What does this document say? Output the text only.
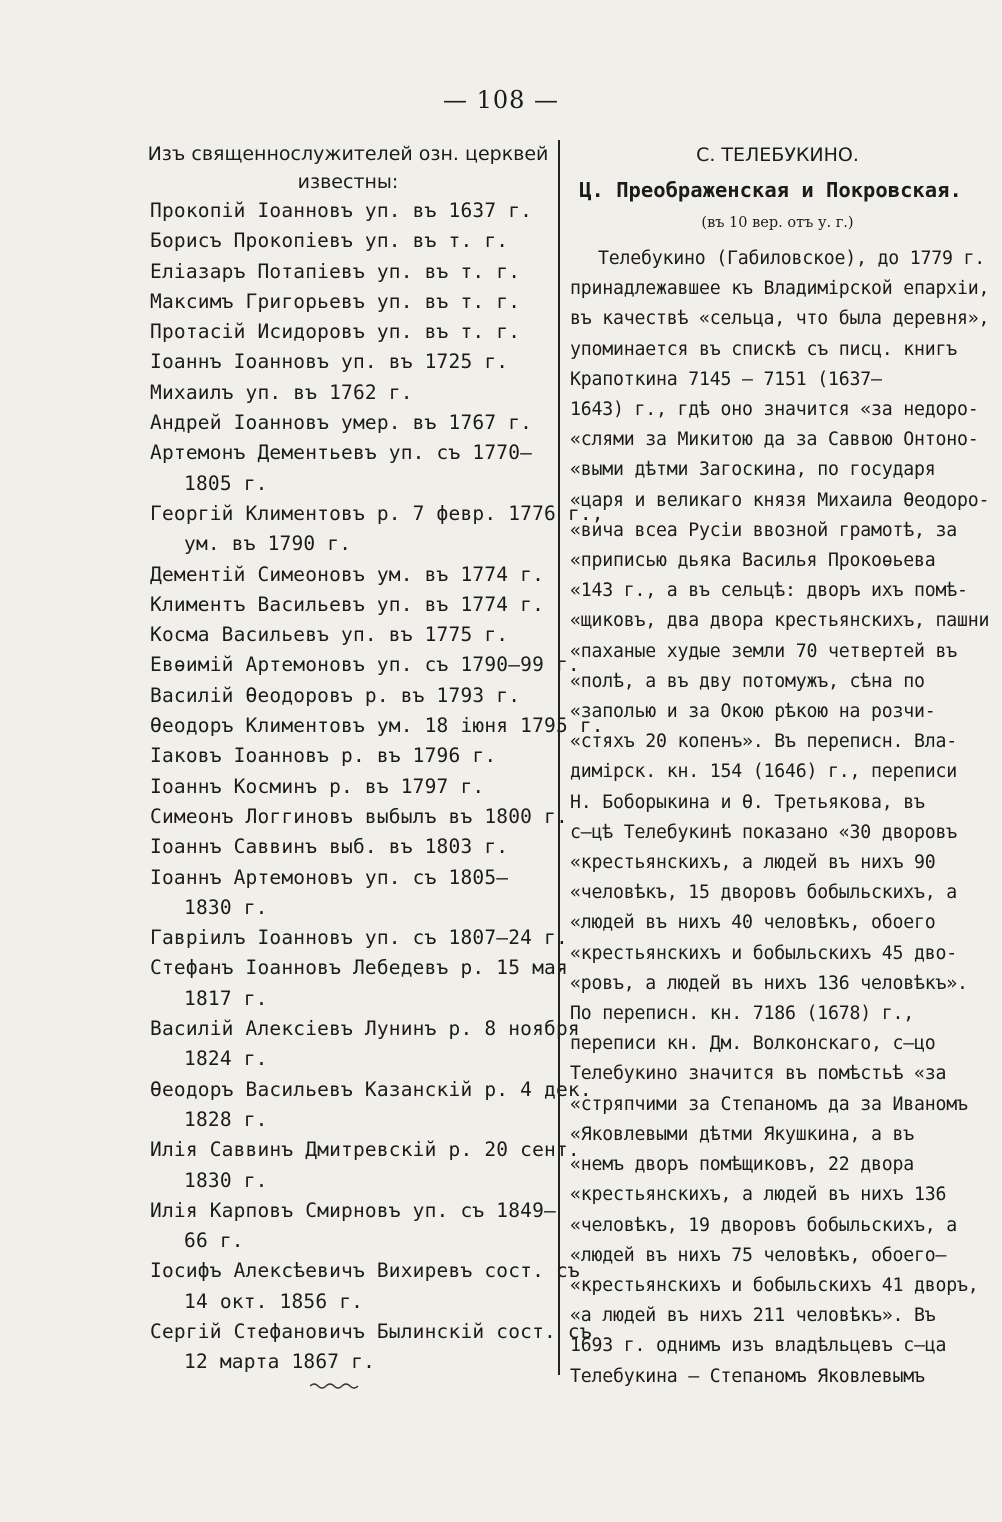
— 108 —
Изъ священнослужителей озн. церквей
известны:
Прокопій Іоанновъ уп. въ 1637 г.
Борисъ Прокопіевъ уп. въ т. г.
Еліазаръ Потапіевъ уп. въ т. г.
Максимъ Григорьевъ уп. въ т. г.
Протасій Исидоровъ уп. въ т. г.
Іоаннъ Іоанновъ уп. въ 1725 г.
Михаилъ уп. въ 1762 г.
Андрей Іоанновъ умер. въ 1767 г.
Артемонъ Дементьевъ уп. съ 1770—
1805 г.
Георгій Климентовъ р. 7 февр. 1776 г.,
ум. въ 1790 г.
Дементій Симеоновъ ум. въ 1774 г.
Климентъ Васильевъ уп. въ 1774 г.
Косма Васильевъ уп. въ 1775 г.
Евѳимій Артемоновъ уп. съ 1790—99 г.
Василій Ѳеодоровъ р. въ 1793 г.
Ѳеодоръ Климентовъ ум. 18 іюня 1795 г.
Іаковъ Іоанновъ р. въ 1796 г.
Іоаннъ Косминъ р. въ 1797 г.
Симеонъ Логгиновъ выбылъ въ 1800 г.
Іоаннъ Саввинъ выб. въ 1803 г.
Іоаннъ Артемоновъ уп. съ 1805—
1830 г.
Гавріилъ Іоанновъ уп. съ 1807—24 г.
Стефанъ Іоанновъ Лебедевъ р. 15 мая
1817 г.
Василій Алексіевъ Лунинъ р. 8 ноября
1824 г.
Ѳеодоръ Васильевъ Казанскій р. 4 дек.
1828 г.
Илія Саввинъ Дмитревскій р. 20 сент.
1830 г.
Илія Карповъ Смирновъ уп. съ 1849—
66 г.
Іосифъ Алексѣевичъ Вихиревъ сост. съ
14 окт. 1856 г.
Сергій Стефановичъ Былинскій сост. съ
12 марта 1867 г.
С. ТЕЛЕБУКИНО.
Ц. Преображенская и Покровская.
(въ 10 вер. отъ у. г.)
Телебукино (Габиловское), до 1779 г.
принадлежавшее къ Владимірской епархіи,
въ качествѣ «сельца, что была деревня»,
упоминается въ спискѣ съ писц. книгъ
Крапоткина 7145 — 7151 (1637—
1643) г., гдѣ оно значится «за недоро-
«слями за Микитою да за Саввою Онтоно-
«выми дѣтми Загоскина, по государя
«царя и великаго князя Михаила Ѳеодоро-
«вича всеа Русіи ввозной грамотѣ, за
«приписью дьяка Василья Прокоѳьева
«143 г., а въ сельцѣ: дворъ ихъ помѣ-
«щиковъ, два двора крестьянскихъ, пашни
«паханые худые земли 70 четвертей въ
«полѣ, а въ дву потомужъ, сѣна по
«заполью и за Окою рѣкою на розчи-
«стяхъ 20 копенъ». Въ переписн. Вла-
димірск. кн. 154 (1646) г., переписи
Н. Боборыкина и Ѳ. Третьякова, въ
с—цѣ Телебукинѣ показано «30 дворовъ
«крестьянскихъ, а людей въ нихъ 90
«человѣкъ, 15 дворовъ бобыльскихъ, а
«людей въ нихъ 40 человѣкъ, обоего
«крестьянскихъ и бобыльскихъ 45 дво-
«ровъ, а людей въ нихъ 136 человѣкъ».
По переписн. кн. 7186 (1678) г.,
переписи кн. Дм. Волконскаго, с—цо
Телебукино значится въ помѣстьѣ «за
«стряпчими за Степаномъ да за Иваномъ
«Яковлевыми дѣтми Якушкина, а въ
«немъ дворъ помѣщиковъ, 22 двора
«крестьянскихъ, а людей въ нихъ 136
«человѣкъ, 19 дворовъ бобыльскихъ, а
«людей въ нихъ 75 человѣкъ, обоего—
«крестьянскихъ и бобыльскихъ 41 дворъ,
«а людей въ нихъ 211 человѣкъ». Въ
1693 г. однимъ изъ владѣльцевъ с—ца
Телебукина — Степаномъ Яковлевымъ
